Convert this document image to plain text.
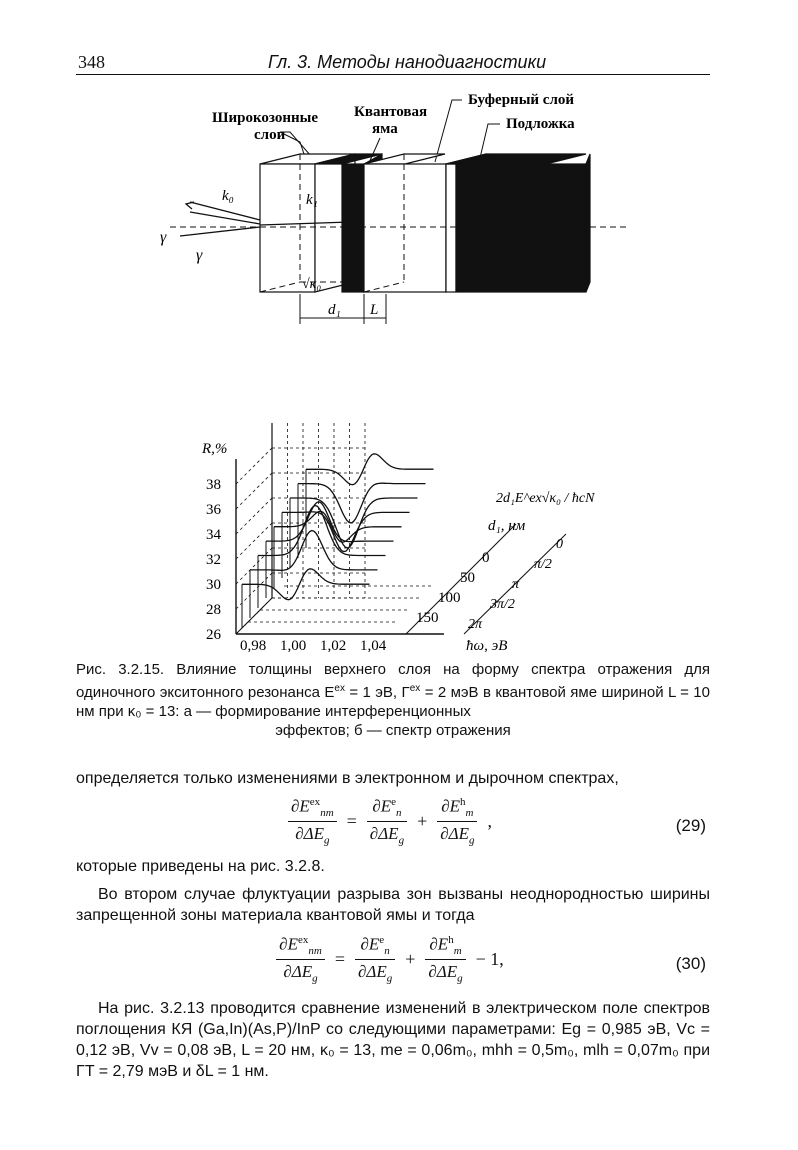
348	Гл. 3. Методы нанодиагностики
Широкозонные
слои
Квантовая
яма
Буферный слой
Подложка
k₀	k₁
γ
γ
√κ₀
d₁ L
26
28
30
32
34
36
38
R,%
0,98 1,00 1,02 1,04
0
50
100
150
0
π/2
π
3π/2
2π
d₁, нм
ħω, эВ
2d₁E^ex√κ₀ / ħcN
Рис. 3.2.15. Влияние толщины верхнего слоя на форму спектра отражения для одиночного экситонного резонанса $E^{ex} = 1$ эВ, $\Gamma^{ex} = 2$ мэВ в квантовой яме шириной L = 10 нм при κ₀ = 13: а — формирование интерференционных
эффектов; б — спектр отражения
определяется только изменениями в электронном и дырочном спектрах,
$\frac{\partial E^{ex}_{nm}}{\partial\Delta E_g} = \frac{\partial E^e_n}{\partial\Delta E_g} + \frac{\partial E^h_m}{\partial\Delta E_g}$ ,	(29)
которые приведены на рис. 3.2.8.
Во втором случае флуктуации разрыва зон вызваны неоднородностью ширины запрещенной зоны материала квантовой ямы и тогда
$\frac{\partial E^{ex}_{nm}}{\partial\Delta E_g} = \frac{\partial E^e_n}{\partial\Delta E_g} + \frac{\partial E^h_m}{\partial\Delta E_g} - 1$,	(30)
На рис. 3.2.13 проводится сравнение изменений в электрическом поле спектров поглощения КЯ (Ga,In)(As,P)/InP со следующими параметрами: Eg = 0,985 эВ, Vc = 0,12 эВ, Vv = 0,08 эВ, L = 20 нм, κ₀ = 13, me = 0,06m₀, mhh = 0,5m₀, mlh = 0,07m₀ при ΓT = 2,79 мэВ и δL = 1 нм.
